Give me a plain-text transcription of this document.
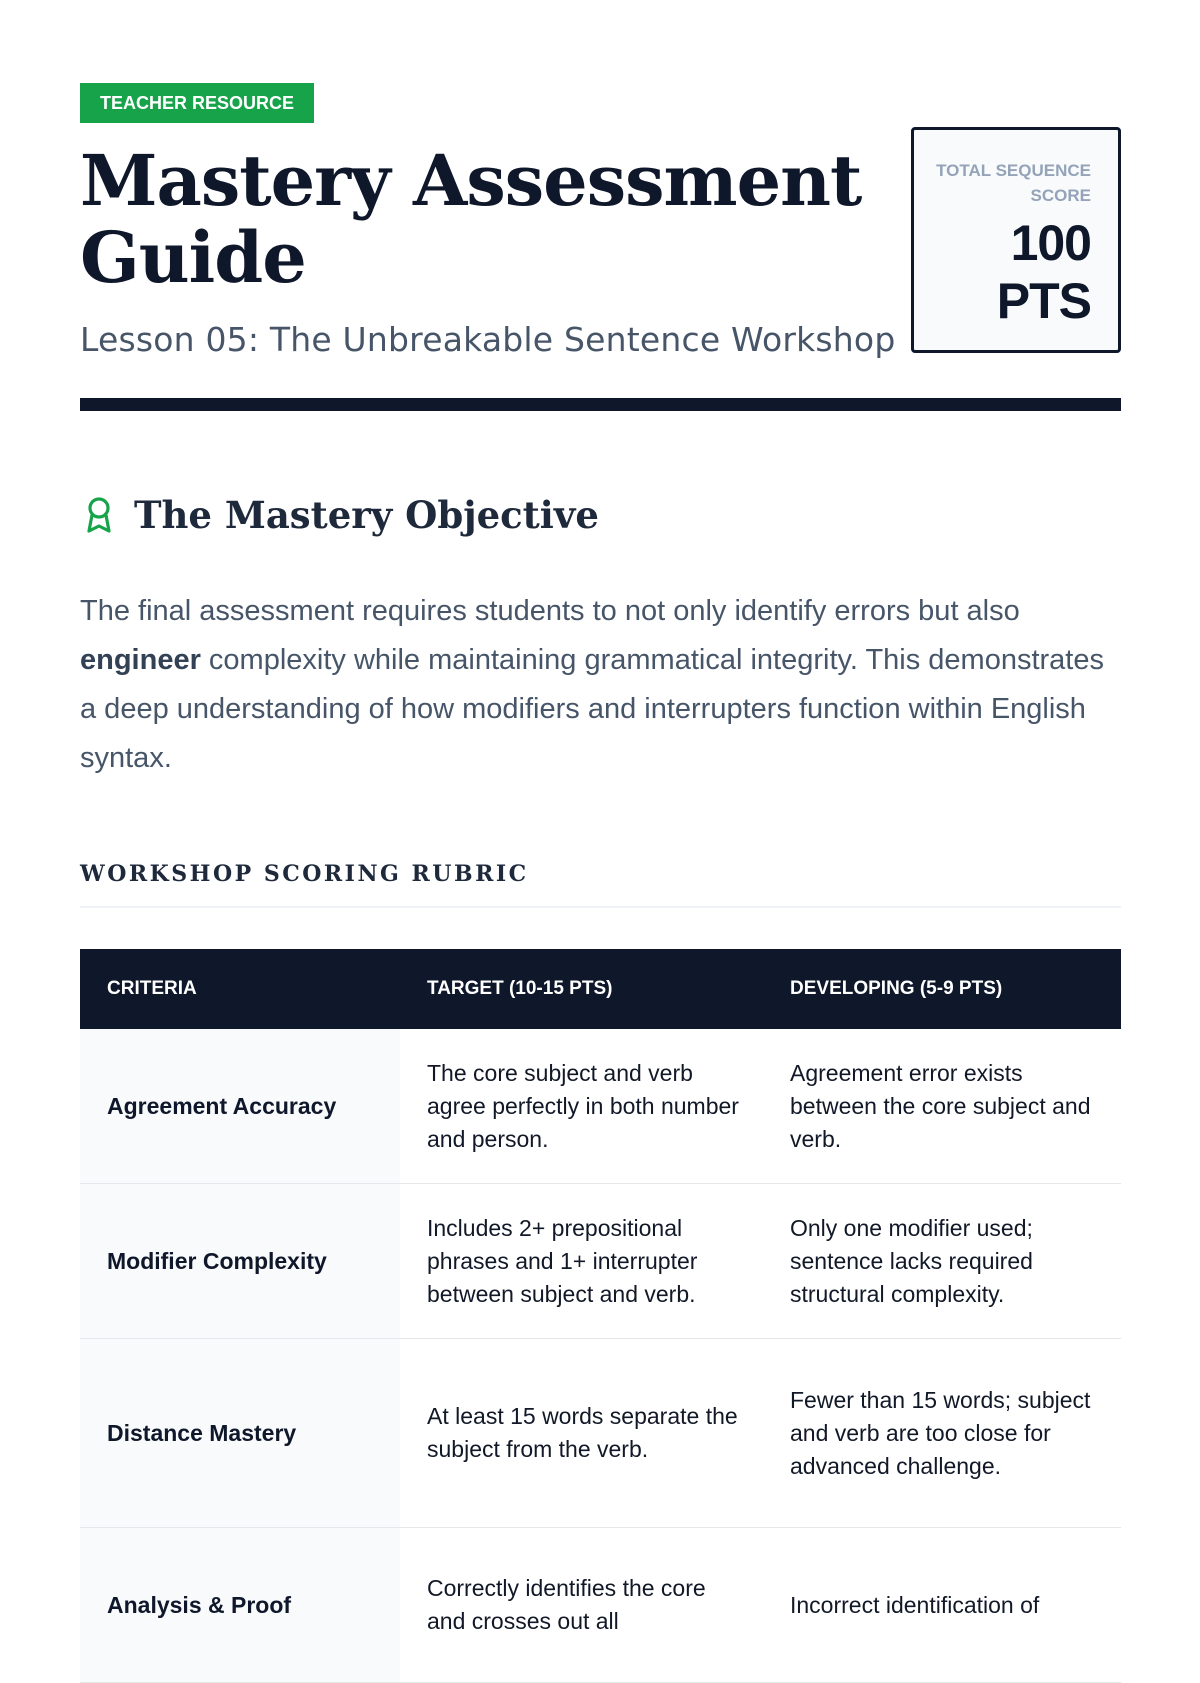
TEACHER RESOURCE
Mastery Assessment Guide
Lesson 05: The Unbreakable Sentence Workshop
TOTAL SEQUENCE SCORE
100 PTS
The Mastery Objective
The final assessment requires students to not only identify errors but also engineer complexity while maintaining grammatical integrity. This demonstrates a deep understanding of how modifiers and interrupters function within English syntax.
WORKSHOP SCORING RUBRIC
CRITERIA	TARGET (10-15 PTS)	DEVELOPING (5-9 PTS)
Agreement Accuracy	The core subject and verb agree perfectly in both number and person.	Agreement error exists between the core subject and verb.
Modifier Complexity	Includes 2+ prepositional phrases and 1+ interrupter between subject and verb.	Only one modifier used; sentence lacks required structural complexity.
Distance Mastery	At least 15 words separate the subject from the verb.	Fewer than 15 words; subject and verb are too close for advanced challenge.
Analysis & Proof	Correctly identifies the core and crosses out all	Incorrect identification of
